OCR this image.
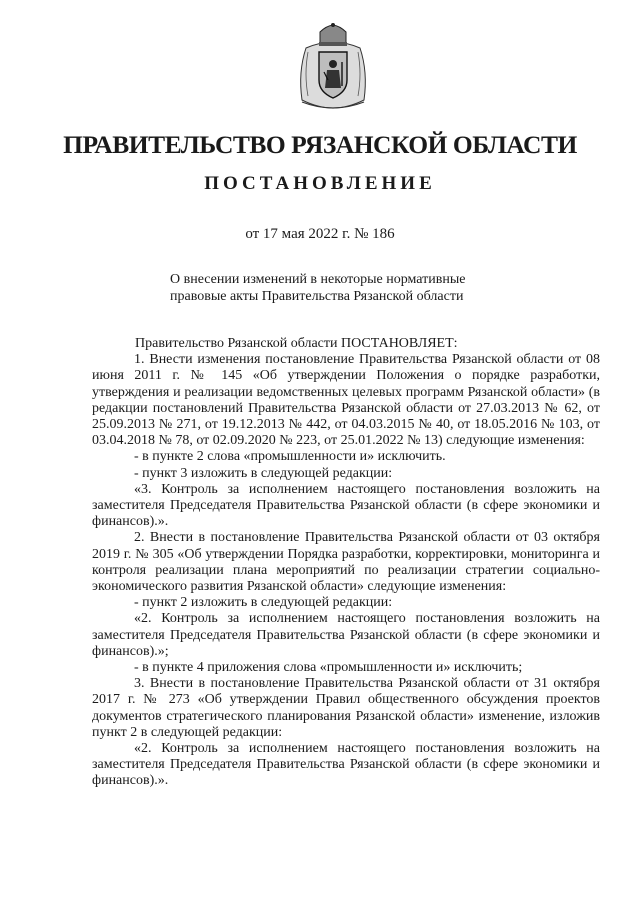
ПРАВИТЕЛЬСТВО РЯЗАНСКОЙ ОБЛАСТИ
ПОСТАНОВЛЕНИЕ
от 17 мая 2022 г. № 186
О внесении изменений в некоторые нормативные
правовые акты Правительства Рязанской области

Правительство Рязанской области ПОСТАНОВЛЯЕТ:

1. Внести изменения постановление Правительства Рязанской области от 08 июня 2011 г. № 145 «Об утверждении Положения о порядке разработки, утверждения и реализации ведомственных целевых программ Рязанской области» (в редакции постановлений Правительства Рязанской области от 27.03.2013 № 62, от 25.09.2013 № 271, от 19.12.2013 № 442, от 04.03.2015 № 40, от 18.05.2016 № 103, от 03.04.2018 № 78, от 02.09.2020 № 223, от 25.01.2022 № 13) следующие изменения:

- в пункте 2 слова «промышленности и» исключить.

- пункт 3 изложить в следующей редакции:

«3. Контроль за исполнением настоящего постановления возложить на заместителя Председателя Правительства Рязанской области (в сфере экономики и финансов).».

2. Внести в постановление Правительства Рязанской области от 03 октября 2019 г. № 305 «Об утверждении Порядка разработки, корректировки, мониторинга и контроля реализации плана мероприятий по реализации стратегии социально-экономического развития Рязанской области» следующие изменения:

- пункт 2 изложить в следующей редакции:

«2. Контроль за исполнением настоящего постановления возложить на заместителя Председателя Правительства Рязанской области (в сфере экономики и финансов).»;

- в пункте 4 приложения слова «промышленности и» исключить;

3. Внести в постановление Правительства Рязанской области от 31 октября 2017 г. № 273 «Об утверждении Правил общественного обсуждения проектов документов стратегического планирования Рязанской области» изменение, изложив пункт 2 в следующей редакции:

«2. Контроль за исполнением настоящего постановления возложить на заместителя Председателя Правительства Рязанской области (в сфере экономики и финансов).».
